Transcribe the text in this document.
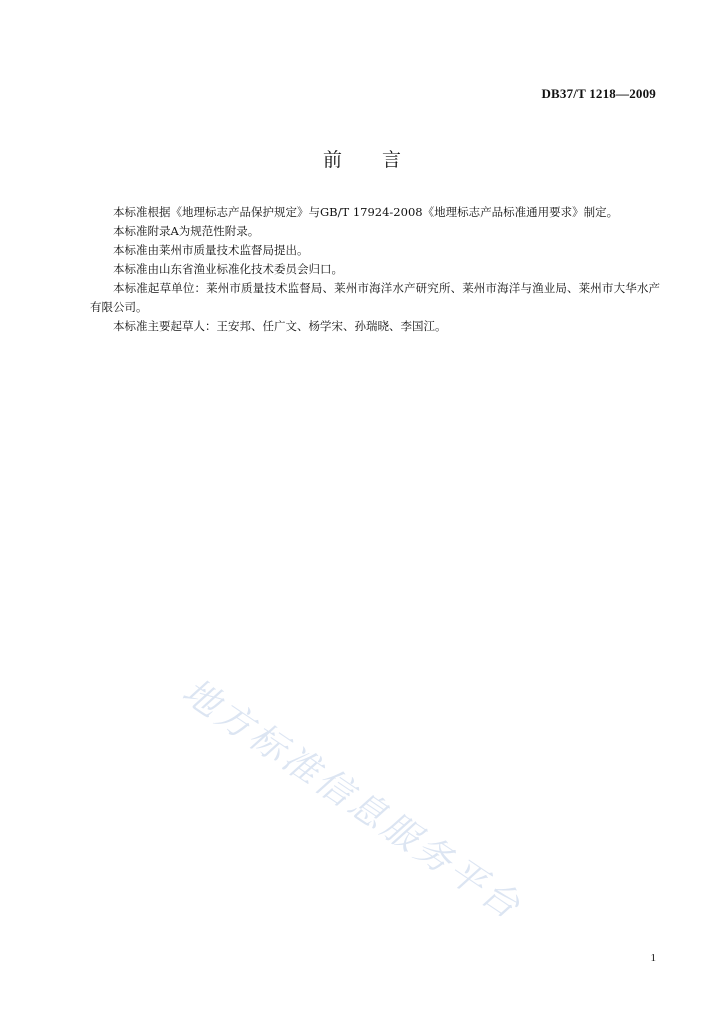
DB37/T 1218—2009
前言

本标准根据《地理标志产品保护规定》与GB/T 17924-2008《地理标志产品标准通用要求》制定。

本标准附录A为规范性附录。

本标准由莱州市质量技术监督局提出。

本标准由山东省渔业标准化技术委员会归口。

本标准起草单位：莱州市质量技术监督局、莱州市海洋水产研究所、莱州市海洋与渔业局、莱州市大华水产有限公司。

本标准主要起草人：王安邦、任广文、杨学宋、孙瑞晓、李国江。

地方标准信息服务平台
1
